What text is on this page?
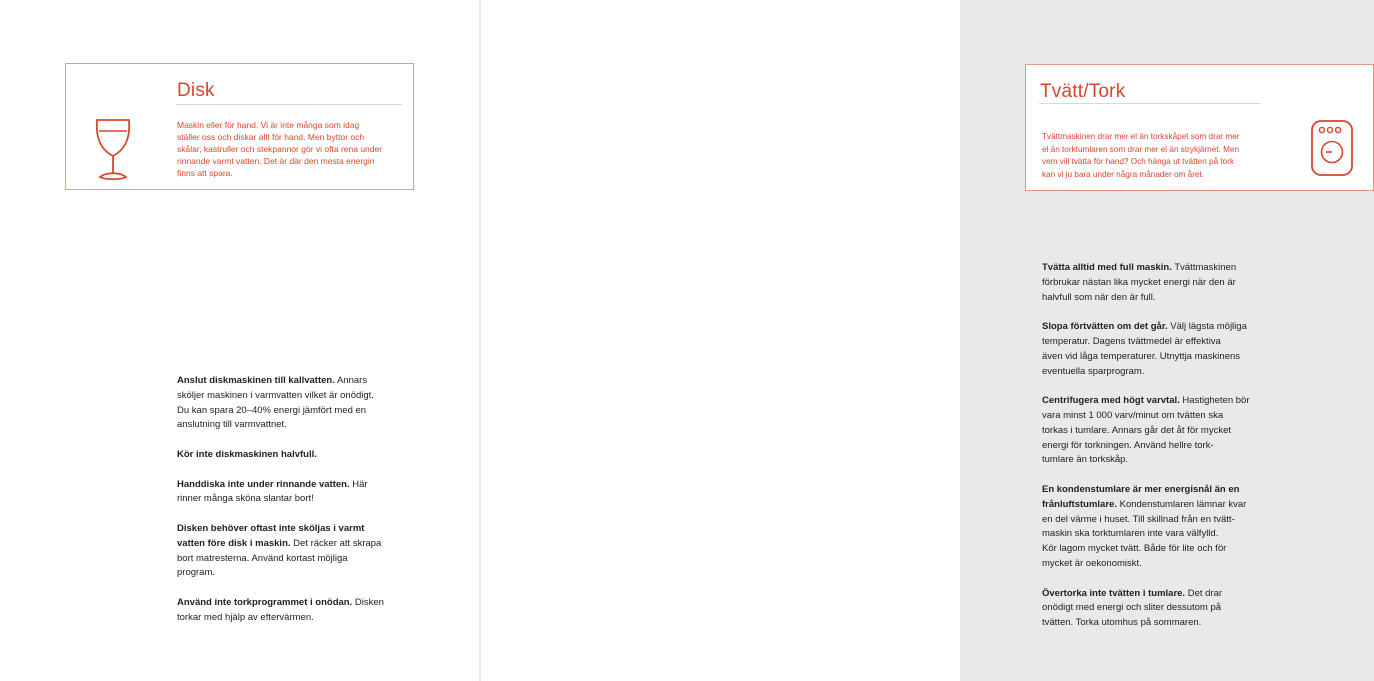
Disk
Maskin eller för hand. Vi är inte många som idag
ställer oss och diskar allt för hand. Men byttor och
skålar, kastruller och stekpannor gör vi ofta rena under
rinnande varmt vatten. Det är där den mesta energin
finns att spara.

Anslut diskmaskinen till kallvatten. Annars
sköljer maskinen i varmvatten vilket är onödigt.
Du kan spara 20–40% energi jämfört med en
anslutning till varmvattnet.

Kör inte diskmaskinen halvfull.

Handdiska inte under rinnande vatten. Här
rinner många sköna slantar bort!

Disken behöver oftast inte sköljas i varmt
vatten före disk i maskin. Det räcker att skrapa
bort matresterna. Använd kortast möjliga
program.

Använd inte torkprogrammet i onödan. Disken
torkar med hjälp av eftervärmen.

Tvätt/Tork
Tvättmaskinen drar mer el än torkskåpet som drar mer
el än torktumlaren som drar mer el än strykjärnet. Men
vem vill tvätta för hand? Och hänga ut tvätten på tork
kan vi ju bara under några månader om året.

Tvätta alltid med full maskin. Tvättmaskinen
förbrukar nästan lika mycket energi när den är
halvfull som när den är full.

Slopa förtvätten om det går. Välj lägsta möjliga
temperatur. Dagens tvättmedel är effektiva
även vid låga temperaturer. Utnyttja maskinens
eventuella sparprogram.

Centrifugera med högt varvtal. Hastigheten bör
vara minst 1 000 varv/minut om tvätten ska
torkas i tumlare. Annars går det åt för mycket
energi för torkningen. Använd hellre tork-
tumlare än torkskåp.

En kondenstumlare är mer energisnål än en
frånluftstumlare. Kondenstumlaren lämnar kvar
en del värme i huset. Till skillnad från en tvätt-
maskin ska torktumlaren inte vara välfylld.
Kör lagom mycket tvätt. Både för lite och för
mycket är oekonomiskt.

Övertorka inte tvätten i tumlare. Det drar
onödigt med energi och sliter dessutom på
tvätten. Torka utomhus på sommaren.
